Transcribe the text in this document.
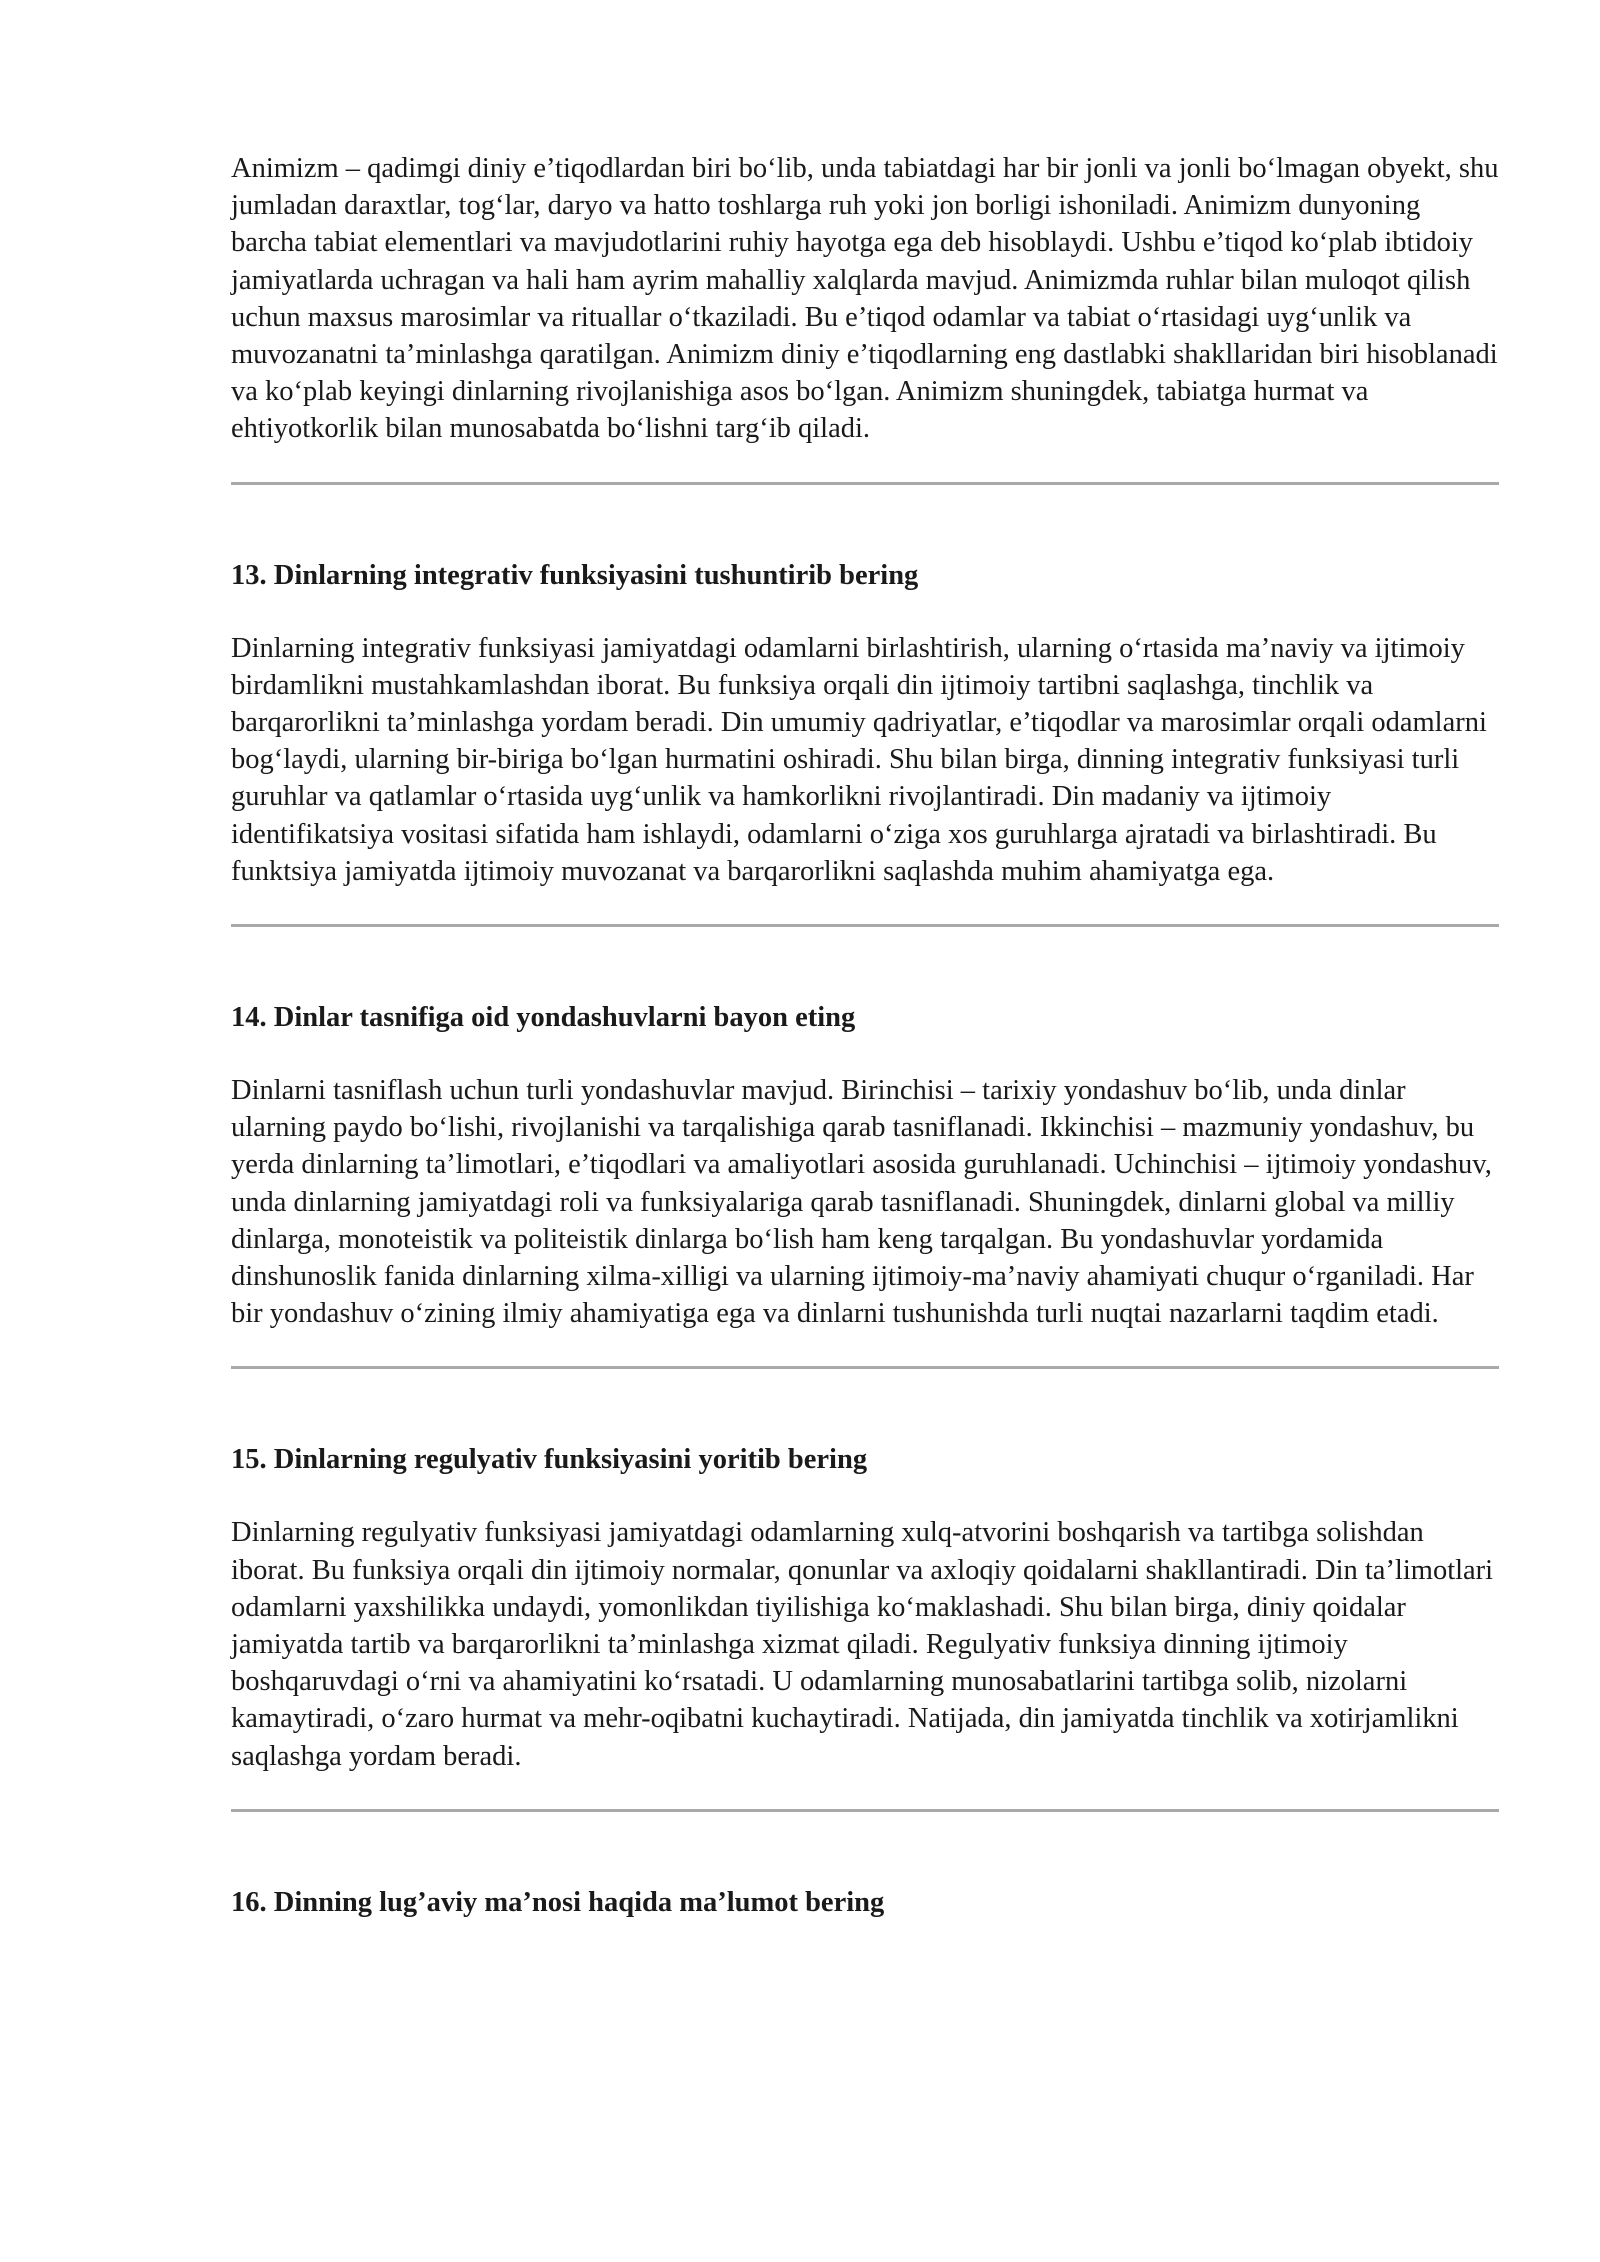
Animizm – qadimgi diniy e’tiqodlardan biri bo‘lib, unda tabiatdagi har bir jonli va jonli bo‘lmagan obyekt, shu jumladan daraxtlar, tog‘lar, daryo va hatto toshlarga ruh yoki jon borligi ishoniladi. Animizm dunyoning barcha tabiat elementlari va mavjudotlarini ruhiy hayotga ega deb hisoblaydi. Ushbu e’tiqod ko‘plab ibtidoiy jamiyatlarda uchragan va hali ham ayrim mahalliy xalqlarda mavjud. Animizmda ruhlar bilan muloqot qilish uchun maxsus marosimlar va rituallar o‘tkaziladi. Bu e’tiqod odamlar va tabiat o‘rtasidagi uyg‘unlik va muvozanatni ta’minlashga qaratilgan. Animizm diniy e’tiqodlarning eng dastlabki shakllaridan biri hisoblanadi va ko‘plab keyingi dinlarning rivojlanishiga asos bo‘lgan. Animizm shuningdek, tabiatga hurmat va ehtiyotkorlik bilan munosabatda bo‘lishni targ‘ib qiladi.

13. Dinlarning integrativ funksiyasini tushuntirib bering

Dinlarning integrativ funksiyasi jamiyatdagi odamlarni birlashtirish, ularning o‘rtasida ma’naviy va ijtimoiy birdamlikni mustahkamlashdan iborat. Bu funksiya orqali din ijtimoiy tartibni saqlashga, tinchlik va barqarorlikni ta’minlashga yordam beradi. Din umumiy qadriyatlar, e’tiqodlar va marosimlar orqali odamlarni bog‘laydi, ularning bir-biriga bo‘lgan hurmatini oshiradi. Shu bilan birga, dinning integrativ funksiyasi turli guruhlar va qatlamlar o‘rtasida uyg‘unlik va hamkorlikni rivojlantiradi. Din madaniy va ijtimoiy identifikatsiya vositasi sifatida ham ishlaydi, odamlarni o‘ziga xos guruhlarga ajratadi va birlashtiradi. Bu funktsiya jamiyatda ijtimoiy muvozanat va barqarorlikni saqlashda muhim ahamiyatga ega.

14. Dinlar tasnifiga oid yondashuvlarni bayon eting

Dinlarni tasniflash uchun turli yondashuvlar mavjud. Birinchisi – tarixiy yondashuv bo‘lib, unda dinlar ularning paydo bo‘lishi, rivojlanishi va tarqalishiga qarab tasniflanadi. Ikkinchisi – mazmuniy yondashuv, bu yerda dinlarning ta’limotlari, e’tiqodlari va amaliyotlari asosida guruhlanadi. Uchinchisi – ijtimoiy yondashuv, unda dinlarning jamiyatdagi roli va funksiyalariga qarab tasniflanadi. Shuningdek, dinlarni global va milliy dinlarga, monoteistik va politeistik dinlarga bo‘lish ham keng tarqalgan. Bu yondashuvlar yordamida dinshunoslik fanida dinlarning xilma-xilligi va ularning ijtimoiy-ma’naviy ahamiyati chuqur o‘rganiladi. Har bir yondashuv o‘zining ilmiy ahamiyatiga ega va dinlarni tushunishda turli nuqtai nazarlarni taqdim etadi.

15. Dinlarning regulyativ funksiyasini yoritib bering

Dinlarning regulyativ funksiyasi jamiyatdagi odamlarning xulq-atvorini boshqarish va tartibga solishdan iborat. Bu funksiya orqali din ijtimoiy normalar, qonunlar va axloqiy qoidalarni shakllantiradi. Din ta’limotlari odamlarni yaxshilikka undaydi, yomonlikdan tiyilishiga ko‘maklashadi. Shu bilan birga, diniy qoidalar jamiyatda tartib va barqarorlikni ta’minlashga xizmat qiladi. Regulyativ funksiya dinning ijtimoiy boshqaruvdagi o‘rni va ahamiyatini ko‘rsatadi. U odamlarning munosabatlarini tartibga solib, nizolarni kamaytiradi, o‘zaro hurmat va mehr-oqibatni kuchaytiradi. Natijada, din jamiyatda tinchlik va xotirjamlikni saqlashga yordam beradi.

16. Dinning lug’aviy ma’nosi haqida ma’lumot bering
